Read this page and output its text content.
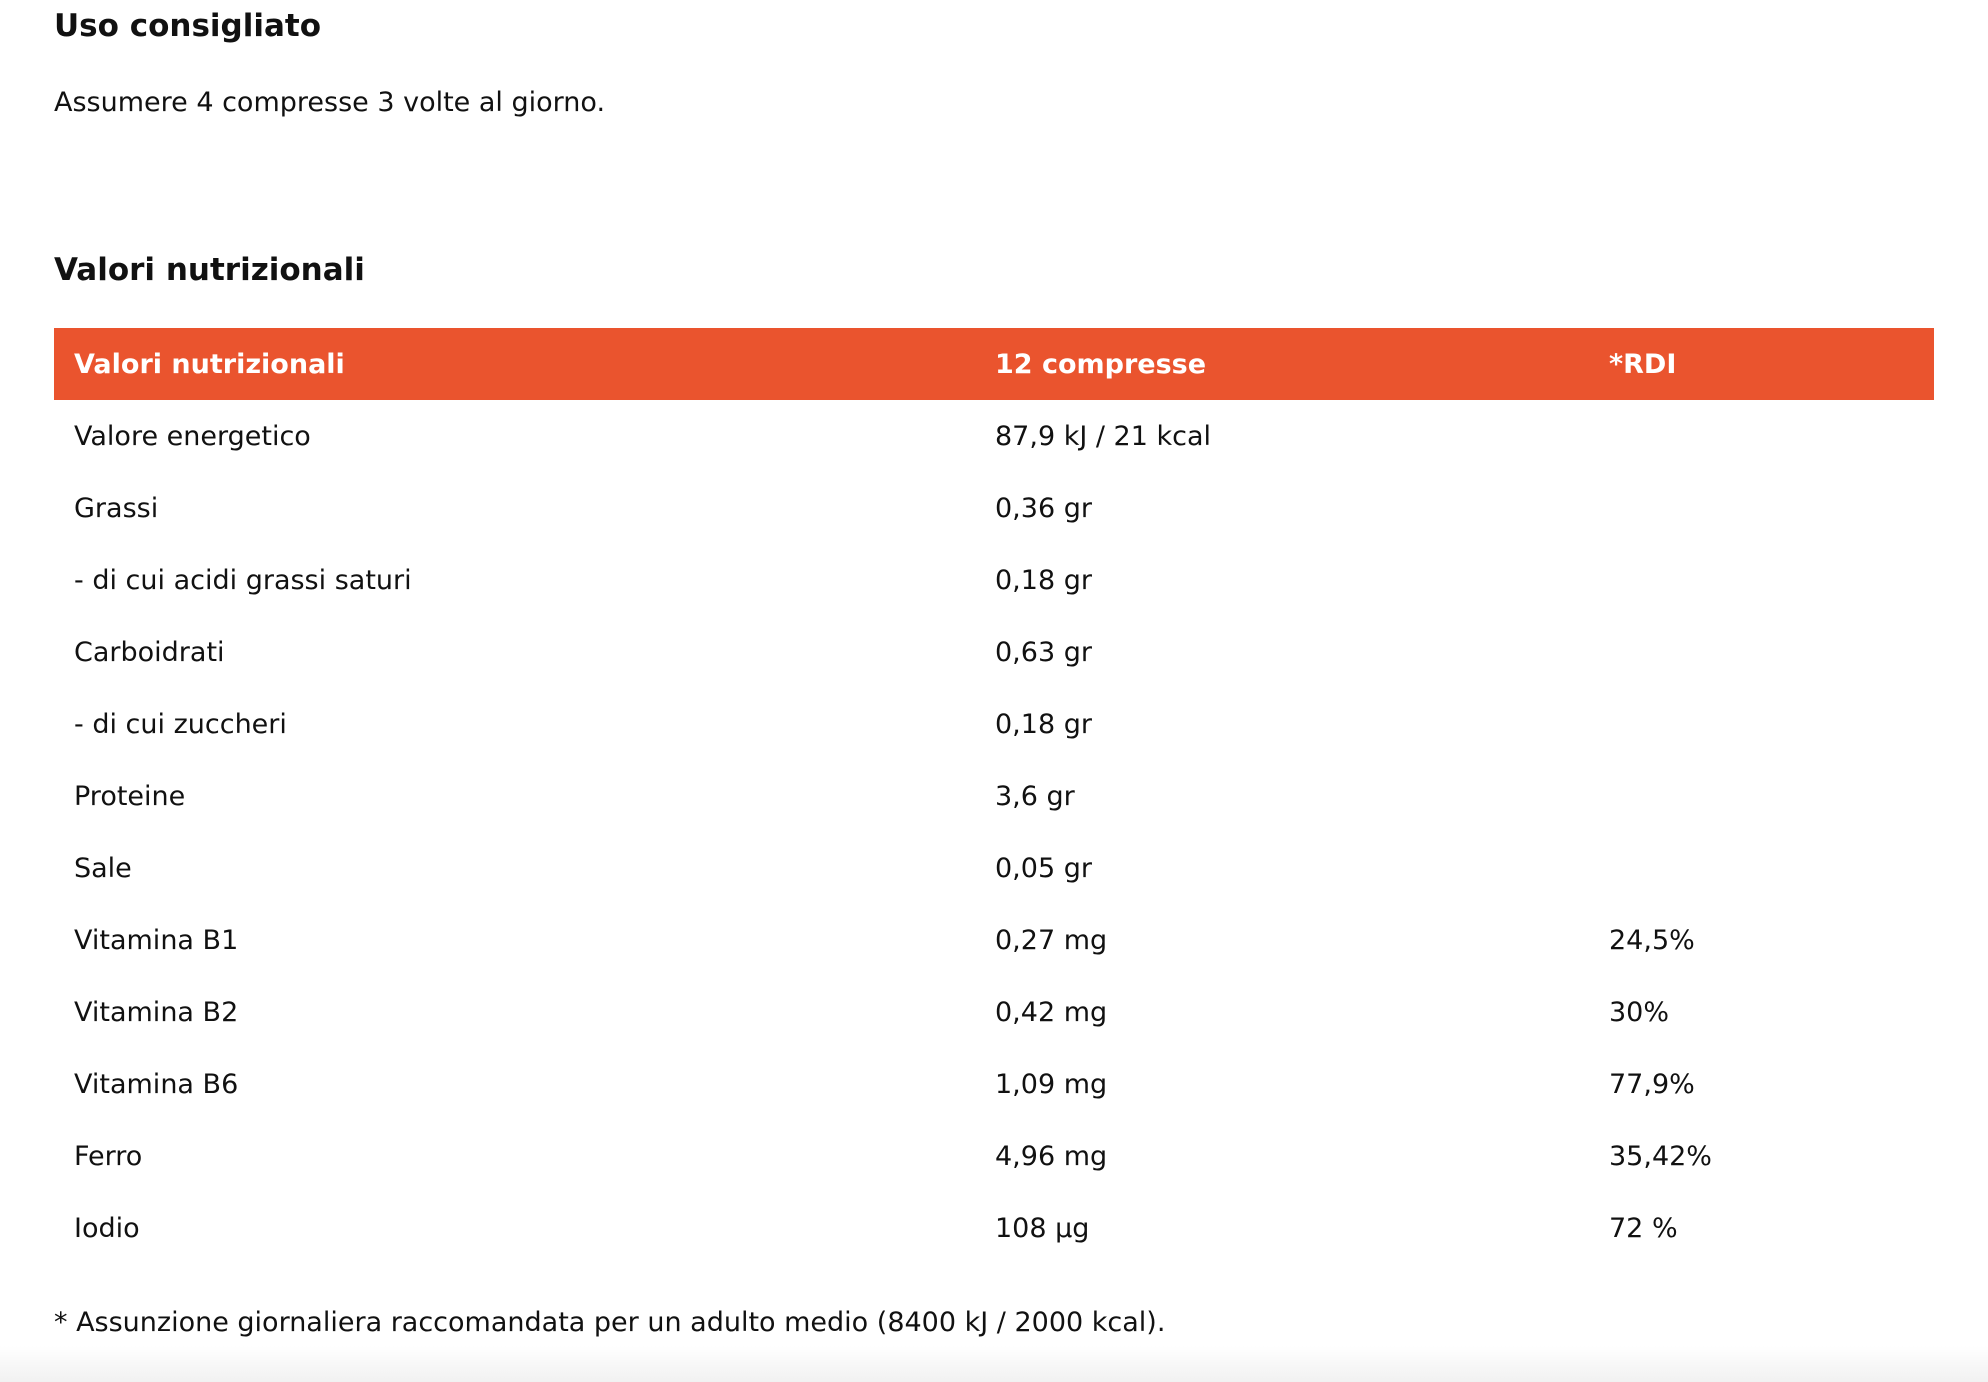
Uso consigliato

Assumere 4 compresse 3 volte al giorno.

Valori nutrizionali
Valori nutrizionali	12 compresse	*RDI
Valore energetico	87,9 kJ / 21 kcal	
Grassi	0,36 gr	
- di cui acidi grassi saturi	0,18 gr	
Carboidrati	0,63 gr	
- di cui zuccheri	0,18 gr	
Proteine	3,6 gr	
Sale	0,05 gr	
Vitamina B1	0,27 mg	24,5%
Vitamina B2	0,42 mg	30%
Vitamina B6	1,09 mg	77,9%
Ferro	4,96 mg	35,42%
Iodio	108 µg	72 %

* Assunzione giornaliera raccomandata per un adulto medio (8400 kJ / 2000 kcal).
